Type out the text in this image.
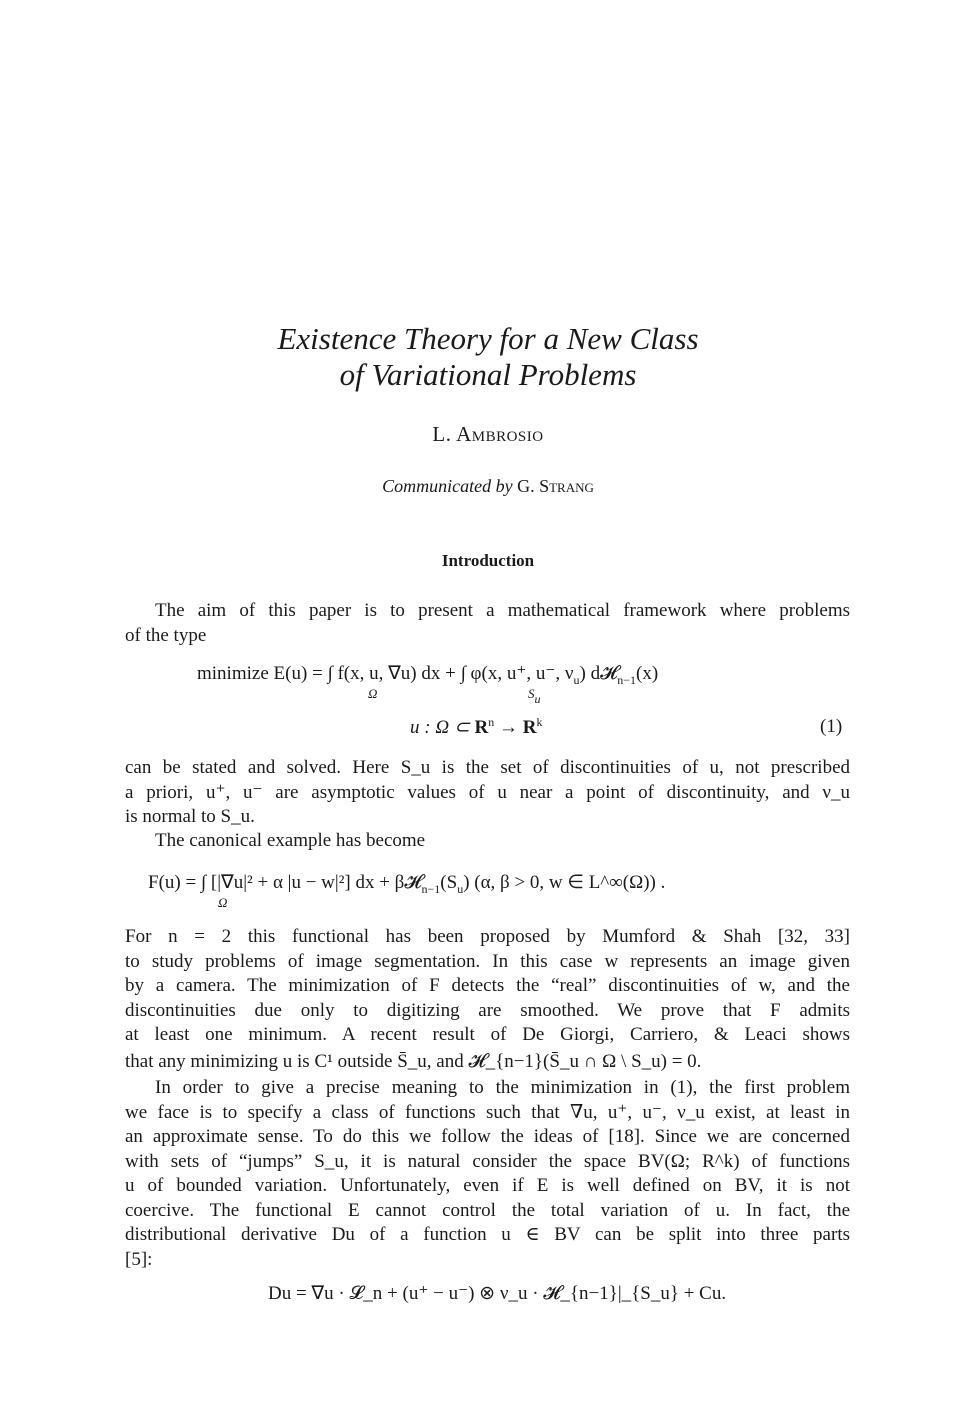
Existence Theory for a New Class
of Variational Problems
L. Ambrosio
Communicated by G. Strang
Introduction
The aim of this paper is to present a mathematical framework where problems
of the type
minimize E(u) = ∫ f(x, u, ∇u) dx + ∫ φ(x, u⁺, u⁻, $\nu_u$) d𝓗$_{n-1}$(x)
Ω	Su
u : Ω ⊂ $R^n \to R^k$	(1)
can be stated and solved. Here S_u is the set of discontinuities of u, not prescribed
a priori, u⁺, u⁻ are asymptotic values of u near a point of discontinuity, and ν_u
is normal to S_u.
The canonical example has become
F(u) = ∫ [|∇u|² + α |u − w|²] dx + $\beta 𝓗_{n-1}(S_u)$ (α, β > 0, w ∈ L^∞(Ω)) .
Ω
For n = 2 this functional has been proposed by Mumford & Shah [32, 33]
to study problems of image segmentation. In this case w represents an image given
by a camera. The minimization of F detects the “real” discontinuities of w, and the
discontinuities due only to digitizing are smoothed. We prove that F admits
at least one minimum. A recent result of De Giorgi, Carriero, & Leaci shows
that any minimizing u is C¹ outside S̄_u, and 𝓗_{n−1}(S̄_u ∩ Ω \ S_u) = 0.
In order to give a precise meaning to the minimization in (1), the first problem
we face is to specify a class of functions such that ∇u, u⁺, u⁻, ν_u exist, at least in
an approximate sense. To do this we follow the ideas of [18]. Since we are concerned
with sets of “jumps” S_u, it is natural consider the space BV(Ω; R^k) of functions
u of bounded variation. Unfortunately, even if E is well defined on BV, it is not
coercive. The functional E cannot control the total variation of u. In fact, the
distributional derivative Du of a function u ∈ BV can be split into three parts
[5]:
Du = ∇u · 𝓛_n + (u⁺ − u⁻) ⊗ ν_u · 𝓗_{n−1}|_{S_u} + Cu.
